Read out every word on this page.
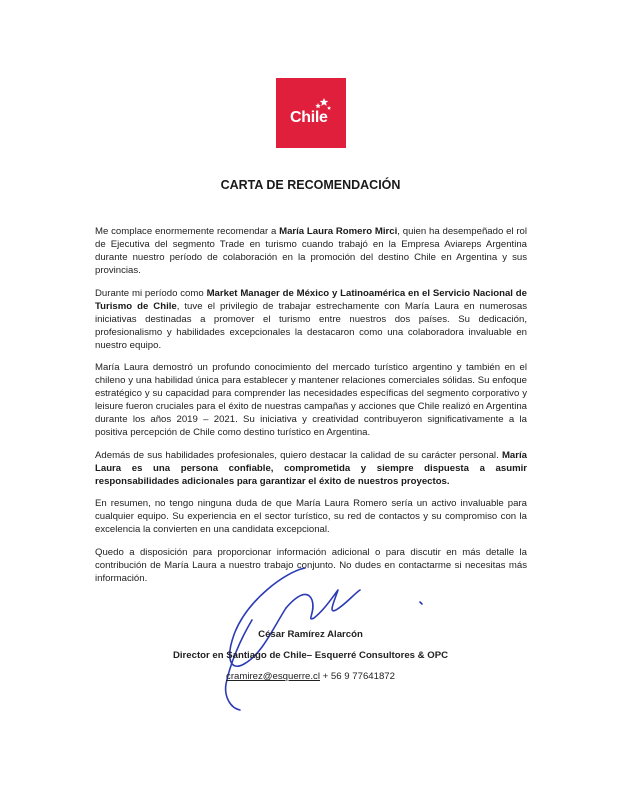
Chile
CARTA DE RECOMENDACIÓN

Me complace enormemente recomendar a María Laura Romero Mirci, quien ha desempeñado el rol de Ejecutiva del segmento Trade en turismo cuando trabajó en la Empresa Aviareps Argentina durante nuestro período de colaboración en la promoción del destino Chile en Argentina y sus provincias.

Durante mi período como Market Manager de México y Latinoamérica en el Servicio Nacional de Turismo de Chile, tuve el privilegio de trabajar estrechamente con María Laura en numerosas iniciativas destinadas a promover el turismo entre nuestros dos países. Su dedicación, profesionalismo y habilidades excepcionales la destacaron como una colaboradora invaluable en nuestro equipo.

María Laura demostró un profundo conocimiento del mercado turístico argentino y también en el chileno y una habilidad única para establecer y mantener relaciones comerciales sólidas. Su enfoque estratégico y su capacidad para comprender las necesidades específicas del segmento corporativo y leisure fueron cruciales para el éxito de nuestras campañas y acciones que Chile realizó en Argentina durante los años 2019 – 2021. Su iniciativa y creatividad contribuyeron significativamente a la positiva percepción de Chile como destino turístico en Argentina.

Además de sus habilidades profesionales, quiero destacar la calidad de su carácter personal. María Laura es una persona confiable, comprometida y siempre dispuesta a asumir responsabilidades adicionales para garantizar el éxito de nuestros proyectos.

En resumen, no tengo ninguna duda de que María Laura Romero sería un activo invaluable para cualquier equipo. Su experiencia en el sector turístico, su red de contactos y su compromiso con la excelencia la convierten en una candidata excepcional.

Quedo a disposición para proporcionar información adicional o para discutir en más detalle la contribución de María Laura a nuestro trabajo conjunto. No dudes en contactarme si necesitas más información.

César Ramírez Alarcón
Director en Santiago de Chile– Esquerré Consultores & OPC
cramirez@esquerre.cl + 56 9 77641872
